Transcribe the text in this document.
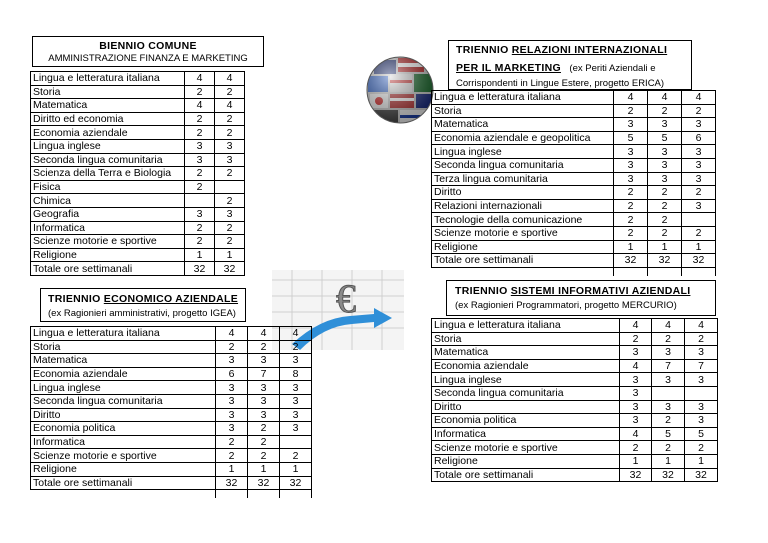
€
BIENNIO COMUNE
AMMINISTRAZIONE FINANZA E MARKETING
Lingua e letteratura italiana	4	4
Storia	2	2
Matematica	4	4
Diritto ed economia	2	2
Economia aziendale	2	2
Lingua inglese	3	3
Seconda lingua comunitaria	3	3
Scienza della Terra e Biologia	2	2
Fisica	2	
Chimica		2
Geografia	3	3
Informatica	2	2
Scienze motorie e sportive	2	2
Religione	1	1
Totale ore settimanali	32	32
TRIENNIO RELAZIONI INTERNAZIONALI
PER IL MARKETING (ex Periti Aziendali e
Corrispondenti in Lingue Estere, progetto ERICA)
Lingua e letteratura italiana	4	4	4
Storia	2	2	2
Matematica	3	3	3
Economia aziendale e geopolitica	5	5	6
Lingua inglese	3	3	3
Seconda lingua comunitaria	3	3	3
Terza lingua comunitaria	3	3	3
Diritto	2	2	2
Relazioni internazionali	2	2	3
Tecnologie della comunicazione	2	2	
Scienze motorie e sportive	2	2	2
Religione	1	1	1
Totale ore settimanali	32	32	32

TRIENNIO ECONOMICO AZIENDALE
(ex Ragionieri amministrativi, progetto IGEA)
Lingua e letteratura italiana	4	4	4
Storia	2	2	2
Matematica	3	3	3
Economia aziendale	6	7	8
Lingua inglese	3	3	3
Seconda lingua comunitaria	3	3	3
Diritto	3	3	3
Economia politica	3	2	3
Informatica	2	2	
Scienze motorie e sportive	2	2	2
Religione	1	1	1
Totale ore settimanali	32	32	32

TRIENNIO SISTEMI INFORMATIVI AZIENDALI
(ex Ragionieri Programmatori, progetto MERCURIO)
Lingua e letteratura italiana	4	4	4
Storia	2	2	2
Matematica	3	3	3
Economia aziendale	4	7	7
Lingua inglese	3	3	3
Seconda lingua comunitaria	3		
Diritto	3	3	3
Economia politica	3	2	3
Informatica	4	5	5
Scienze motorie e sportive	2	2	2
Religione	1	1	1
Totale ore settimanali	32	32	32
